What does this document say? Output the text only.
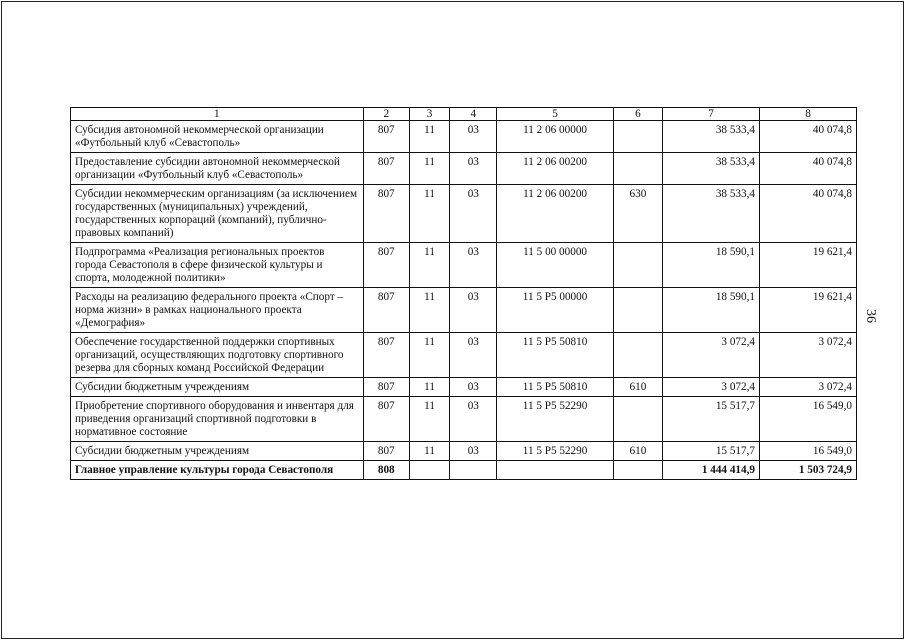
36
1	2	3	4	5	6	7	8
Субсидия автономной некоммерческой организации «Футбольный клуб «Севастополь»	807	11	03	11 2 06 00000		38 533,4	40 074,8
Предоставление субсидии автономной некоммерческой организации «Футбольный клуб «Севастополь»	807	11	03	11 2 06 00200		38 533,4	40 074,8
Субсидии некоммерческим организациям (за исключением государственных (муниципальных) учреждений, государственных корпораций (компаний), публично-правовых компаний)	807	11	03	11 2 06 00200	630	38 533,4	40 074,8
Подпрограмма «Реализация региональных проектов города Севастополя в сфере физической культуры и спорта, молодежной политики»	807	11	03	11 5 00 00000		18 590,1	19 621,4
Расходы на реализацию федерального проекта «Спорт – норма жизни» в рамках национального проекта «Демография»	807	11	03	11 5 P5 00000		18 590,1	19 621,4
Обеспечение государственной поддержки спортивных организаций, осуществляющих подготовку спортивного резерва для сборных команд Российской Федерации	807	11	03	11 5 P5 50810		3 072,4	3 072,4
Субсидии бюджетным учреждениям	807	11	03	11 5 P5 50810	610	3 072,4	3 072,4
Приобретение спортивного оборудования и инвентаря для приведения организаций спортивной подготовки в нормативное состояние	807	11	03	11 5 P5 52290		15 517,7	16 549,0
Субсидии бюджетным учреждениям	807	11	03	11 5 P5 52290	610	15 517,7	16 549,0
Главное управление культуры города Севастополя	808					1 444 414,9	1 503 724,9
